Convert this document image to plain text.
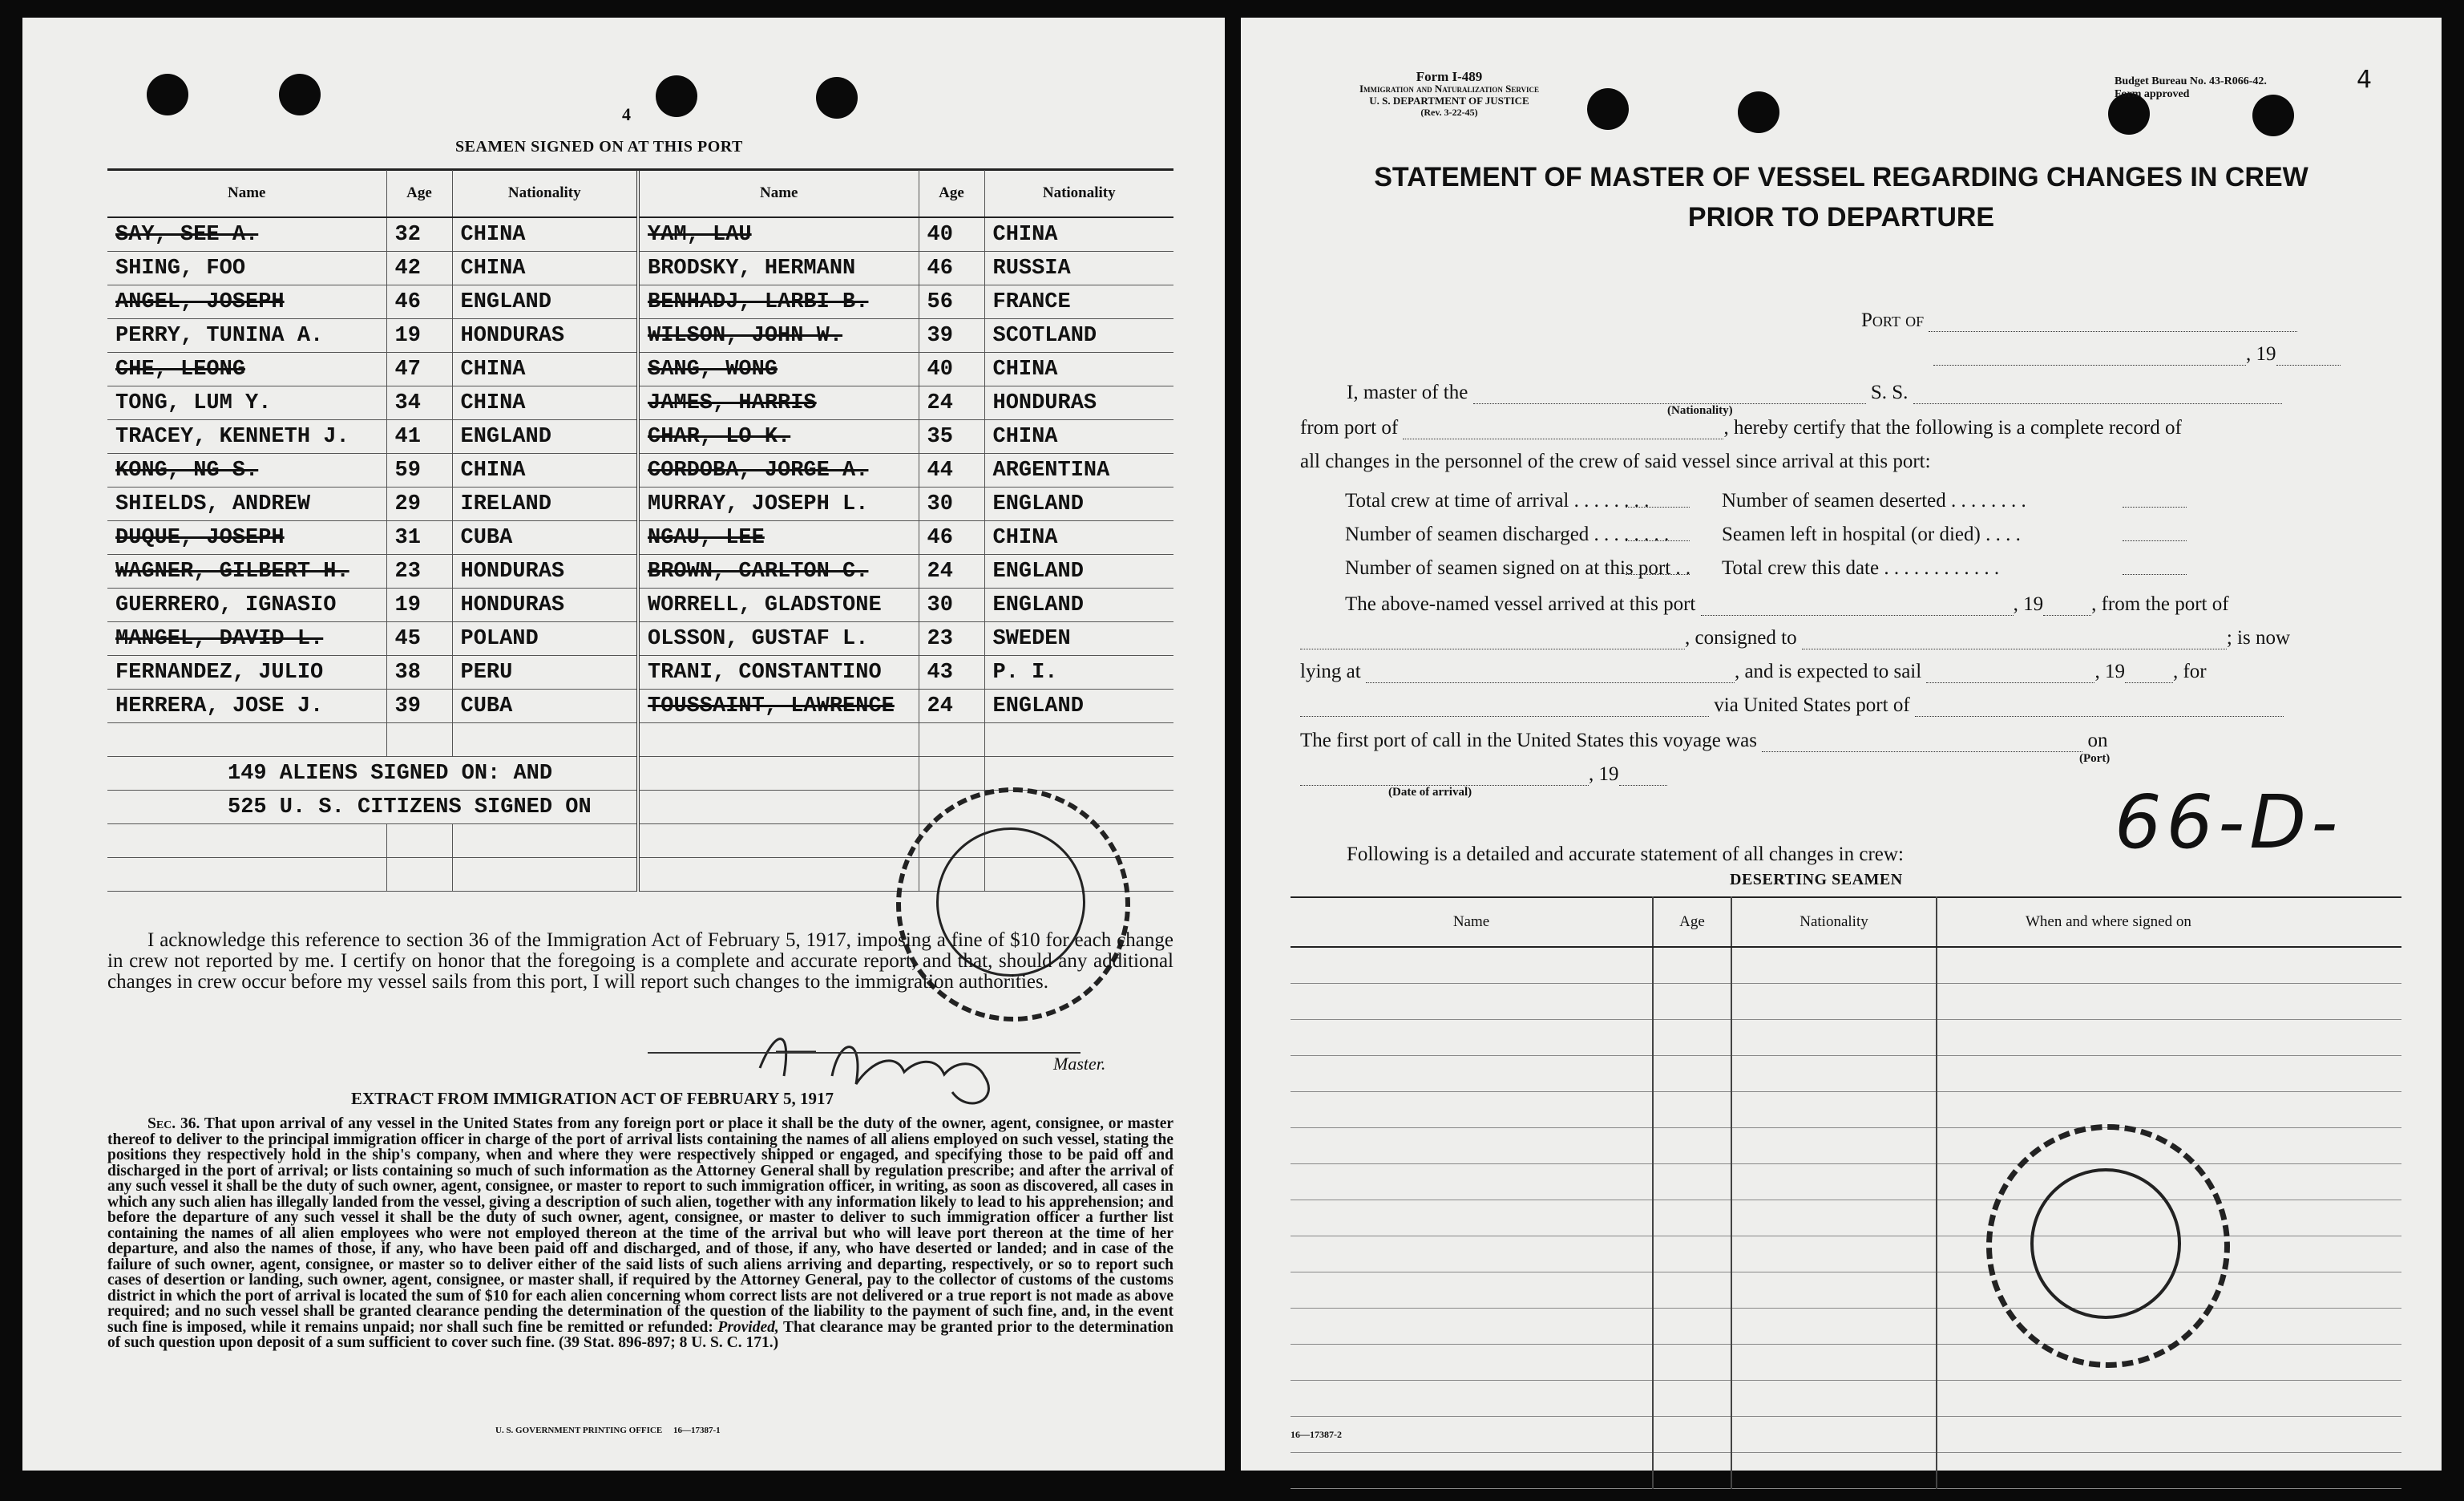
4
SEAMEN SIGNED ON AT THIS PORT
Name	Age	Nationality	Name	Age	Nationality
SAY, SEE A.	32	CHINA	YAM, LAU	40	CHINA
SHING, FOO	42	CHINA	BRODSKY, HERMANN	46	RUSSIA
ANGEL, JOSEPH	46	ENGLAND	BENHADJ, LARBI B.	56	FRANCE
PERRY, TUNINA A.	19	HONDURAS	WILSON, JOHN W.	39	SCOTLAND
CHE, LEONG	47	CHINA	SANG, WONG	40	CHINA
TONG, LUM Y.	34	CHINA	JAMES, HARRIS	24	HONDURAS
TRACEY, KENNETH J.	41	ENGLAND	CHAR, LO K.	35	CHINA
KONG, NG S.	59	CHINA	CORDOBA, JORGE A.	44	ARGENTINA
SHIELDS, ANDREW	29	IRELAND	MURRAY, JOSEPH L.	30	ENGLAND
DUQUE, JOSEPH	31	CUBA	NGAU, LEE	46	CHINA
WAGNER, GILBERT H.	23	HONDURAS	BROWN, CARLTON C.	24	ENGLAND
GUERRERO, IGNASIO	19	HONDURAS	WORRELL, GLADSTONE	30	ENGLAND
MANGEL, DAVID L.	45	POLAND	OLSSON, GUSTAF L.	23	SWEDEN
FERNANDEZ, JULIO	38	PERU	TRANI, CONSTANTINO	43	P. I.
HERRERA, JOSE J.	39	CUBA	TOUSSAINT, LAWRENCE	24	ENGLAND

149 ALIENS SIGNED ON: AND					
525 U. S. CITIZENS SIGNED ON					

I acknowledge this reference to section 36 of the Immigration Act of February 5, 1917, imposing a fine of $10 for each change in crew not reported by me. I certify on honor that the foregoing is a complete and accurate report, and that, should any additional changes in crew occur before my vessel sails from this port, I will report such changes to the immigration authorities.
Master.
EXTRACT FROM IMMIGRATION ACT OF FEBRUARY 5, 1917
Sec. 36. That upon arrival of any vessel in the United States from any foreign port or place it shall be the duty of the owner, agent, consignee, or master thereof to deliver to the principal immigration officer in charge of the port of arrival lists containing the names of all aliens employed on such vessel, stating the positions they respectively hold in the ship's company, when and where they were respectively shipped or engaged, and specifying those to be paid off and discharged in the port of arrival; or lists containing so much of such information as the Attorney General shall by regulation prescribe; and after the arrival of any such vessel it shall be the duty of such owner, agent, consignee, or master to report to such immigration officer, in writing, as soon as discovered, all cases in which any such alien has illegally landed from the vessel, giving a description of such alien, together with any information likely to lead to his apprehension; and before the departure of any such vessel it shall be the duty of such owner, agent, consignee, or master to deliver to such immigration officer a further list containing the names of all alien employees who were not employed thereon at the time of the arrival but who will leave port thereon at the time of her departure, and also the names of those, if any, who have been paid off and discharged, and of those, if any, who have deserted or landed; and in case of the failure of such owner, agent, consignee, or master so to deliver either of the said lists of such aliens arriving and departing, respectively, or so to report such cases of desertion or landing, such owner, agent, consignee, or master shall, if required by the Attorney General, pay to the collector of customs of the customs district in which the port of arrival is located the sum of $10 for each alien concerning whom correct lists are not delivered or a true report is not made as above required; and no such vessel shall be granted clearance pending the determination of the question of the liability to the payment of such fine, and, in the event such fine is imposed, while it remains unpaid; nor shall such fine be remitted or refunded: Provided, That clearance may be granted prior to the determination of such question upon deposit of a sum sufficient to cover such fine. (39 Stat. 896-897; 8 U. S. C. 171.)
U. S. GOVERNMENT PRINTING OFFICE     16—17387-1
Form I-489
Immigration and Naturalization Service
U. S. DEPARTMENT OF JUSTICE
(Rev. 3-22-45)
Budget Bureau No. 43-R066-42.
Form approved
4
STATEMENT OF MASTER OF VESSEL REGARDING CHANGES IN CREW
PRIOR TO DEPARTURE
Port of
, 19
I, master of the	S. S.
(Nationality)
from port of	, hereby certify that the following is a complete record of
all changes in the personnel of the crew of said vessel since arrival at this port:
Total crew at time of arrival . . . . . . . .	Number of seamen deserted . . . . . . . .
Number of seamen discharged . . . . . . . .	Seamen left in hospital (or died) . . . .
Number of seamen signed on at this port . . Total crew this date . . . . . . . . . . . .
The above-named vessel arrived at this port	, 19 , from the port of
, consigned to	; is now
lying at	, and is expected to sail	, 19 , for
via United States port of
The first port of call in the United States this voyage was	on
(Port)
, 19
(Date of arrival)
Following is a detailed and accurate statement of all changes in crew:	66-D-
DESERTING SEAMEN
Name	Age	Nationality	When and where signed on

16—17387-2
